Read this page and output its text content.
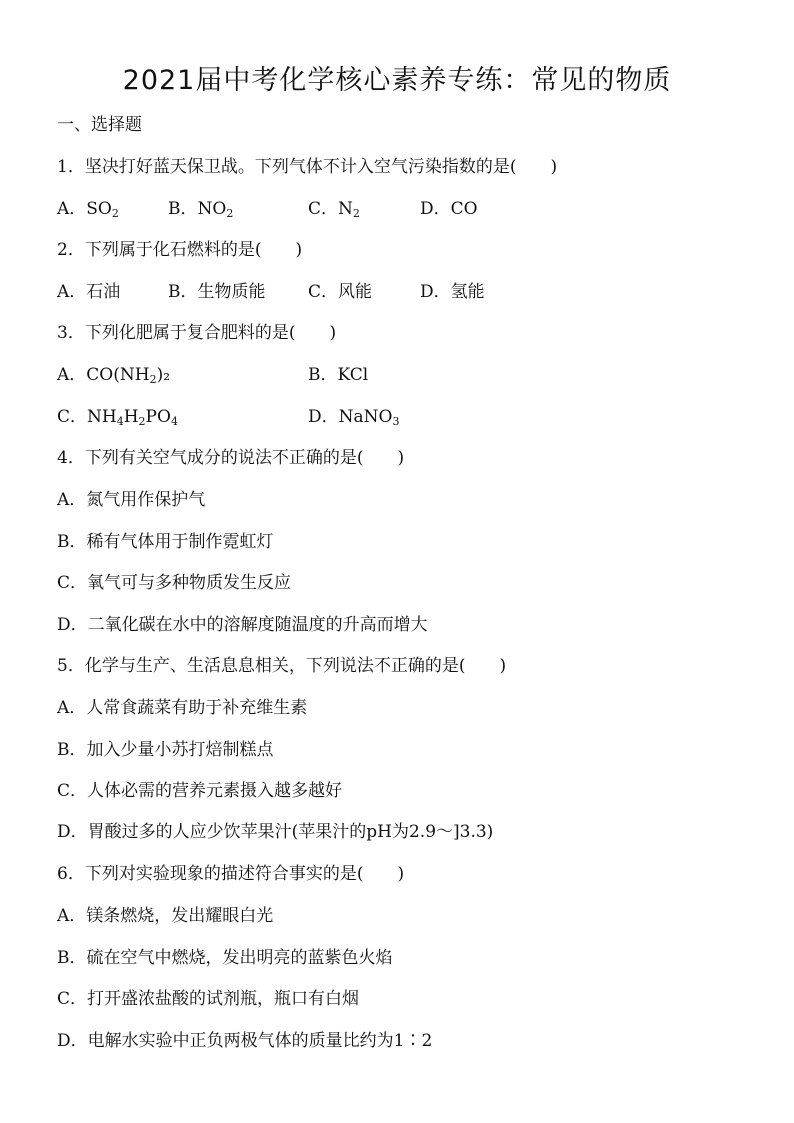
2021届中考化学核心素养专练：常见的物质
一、选择题
1．坚决打好蓝天保卫战。下列气体不计入空气污染指数的是(　　)
A．$SO_2$	B．$NO_2$	C．$N_2$	D．CO
2．下列属于化石燃料的是(　　)
A．石油	B．生物质能	C．风能	D．氢能
3．下列化肥属于复合肥料的是(　　)
A．$CO(NH_2)_2$	B．KCl
C．$NH_4H_2PO_4$	D．NaNO$_3$
4．下列有关空气成分的说法不正确的是(　　)
A．氮气用作保护气
B．稀有气体用于制作霓虹灯
C．氧气可与多种物质发生反应
D．二氧化碳在水中的溶解度随温度的升高而增大
5．化学与生产、生活息息相关，下列说法不正确的是(　　)
A．人常食蔬菜有助于补充维生素
B．加入少量小苏打焙制糕点
C．人体必需的营养元素摄入越多越好
D．胃酸过多的人应少饮苹果汁(苹果汁的pH为2.9～]3.3)
6．下列对实验现象的描述符合事实的是(　　)
A．镁条燃烧，发出耀眼白光
B．硫在空气中燃烧，发出明亮的蓝紫色火焰
C．打开盛浓盐酸的试剂瓶，瓶口有白烟
D．电解水实验中正负两极气体的质量比约为1∶2
